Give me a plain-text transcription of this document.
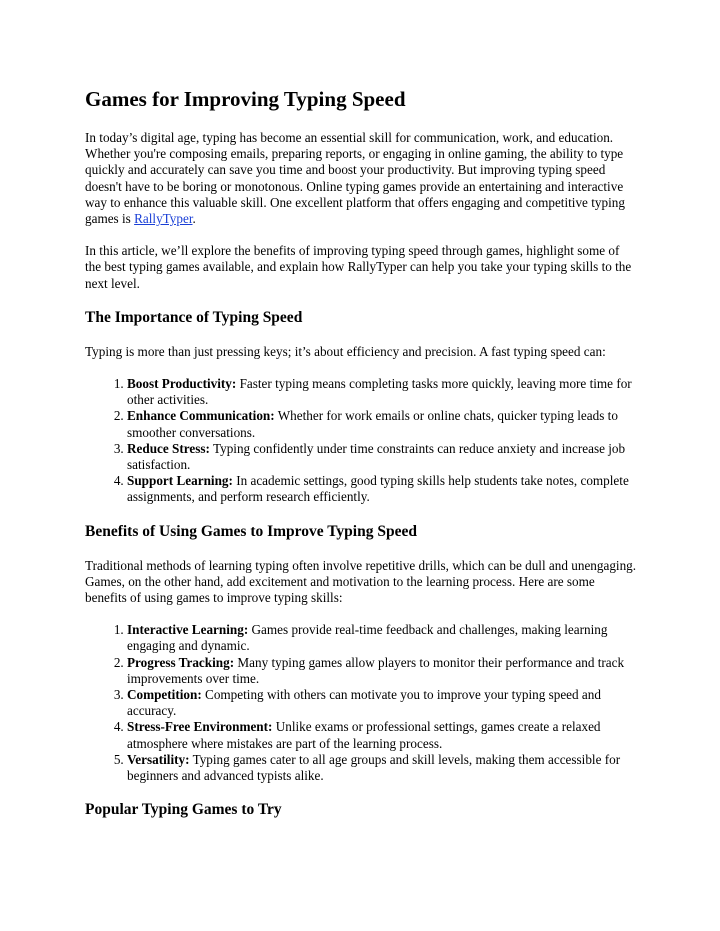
Games for Improving Typing Speed

In today’s digital age, typing has become an essential skill for communication, work, and education. Whether you're composing emails, preparing reports, or engaging in online gaming, the ability to type quickly and accurately can save you time and boost your productivity. But improving typing speed doesn't have to be boring or monotonous. Online typing games provide an entertaining and interactive way to enhance this valuable skill. One excellent platform that offers engaging and competitive typing games is RallyTyper.

In this article, we’ll explore the benefits of improving typing speed through games, highlight some of the best typing games available, and explain how RallyTyper can help you take your typing skills to the next level.

The Importance of Typing Speed

Typing is more than just pressing keys; it’s about efficiency and precision. A fast typing speed can:

1. Boost Productivity: Faster typing means completing tasks more quickly, leaving more time for other activities.
2. Enhance Communication: Whether for work emails or online chats, quicker typing leads to smoother conversations.
3. Reduce Stress: Typing confidently under time constraints can reduce anxiety and increase job satisfaction.
4. Support Learning: In academic settings, good typing skills help students take notes, complete assignments, and perform research efficiently.
Benefits of Using Games to Improve Typing Speed

Traditional methods of learning typing often involve repetitive drills, which can be dull and unengaging. Games, on the other hand, add excitement and motivation to the learning process. Here are some benefits of using games to improve typing skills:

1. Interactive Learning: Games provide real-time feedback and challenges, making learning engaging and dynamic.
2. Progress Tracking: Many typing games allow players to monitor their performance and track improvements over time.
3. Competition: Competing with others can motivate you to improve your typing speed and accuracy.
4. Stress-Free Environment: Unlike exams or professional settings, games create a relaxed atmosphere where mistakes are part of the learning process.
5. Versatility: Typing games cater to all age groups and skill levels, making them accessible for beginners and advanced typists alike.
Popular Typing Games to Try
